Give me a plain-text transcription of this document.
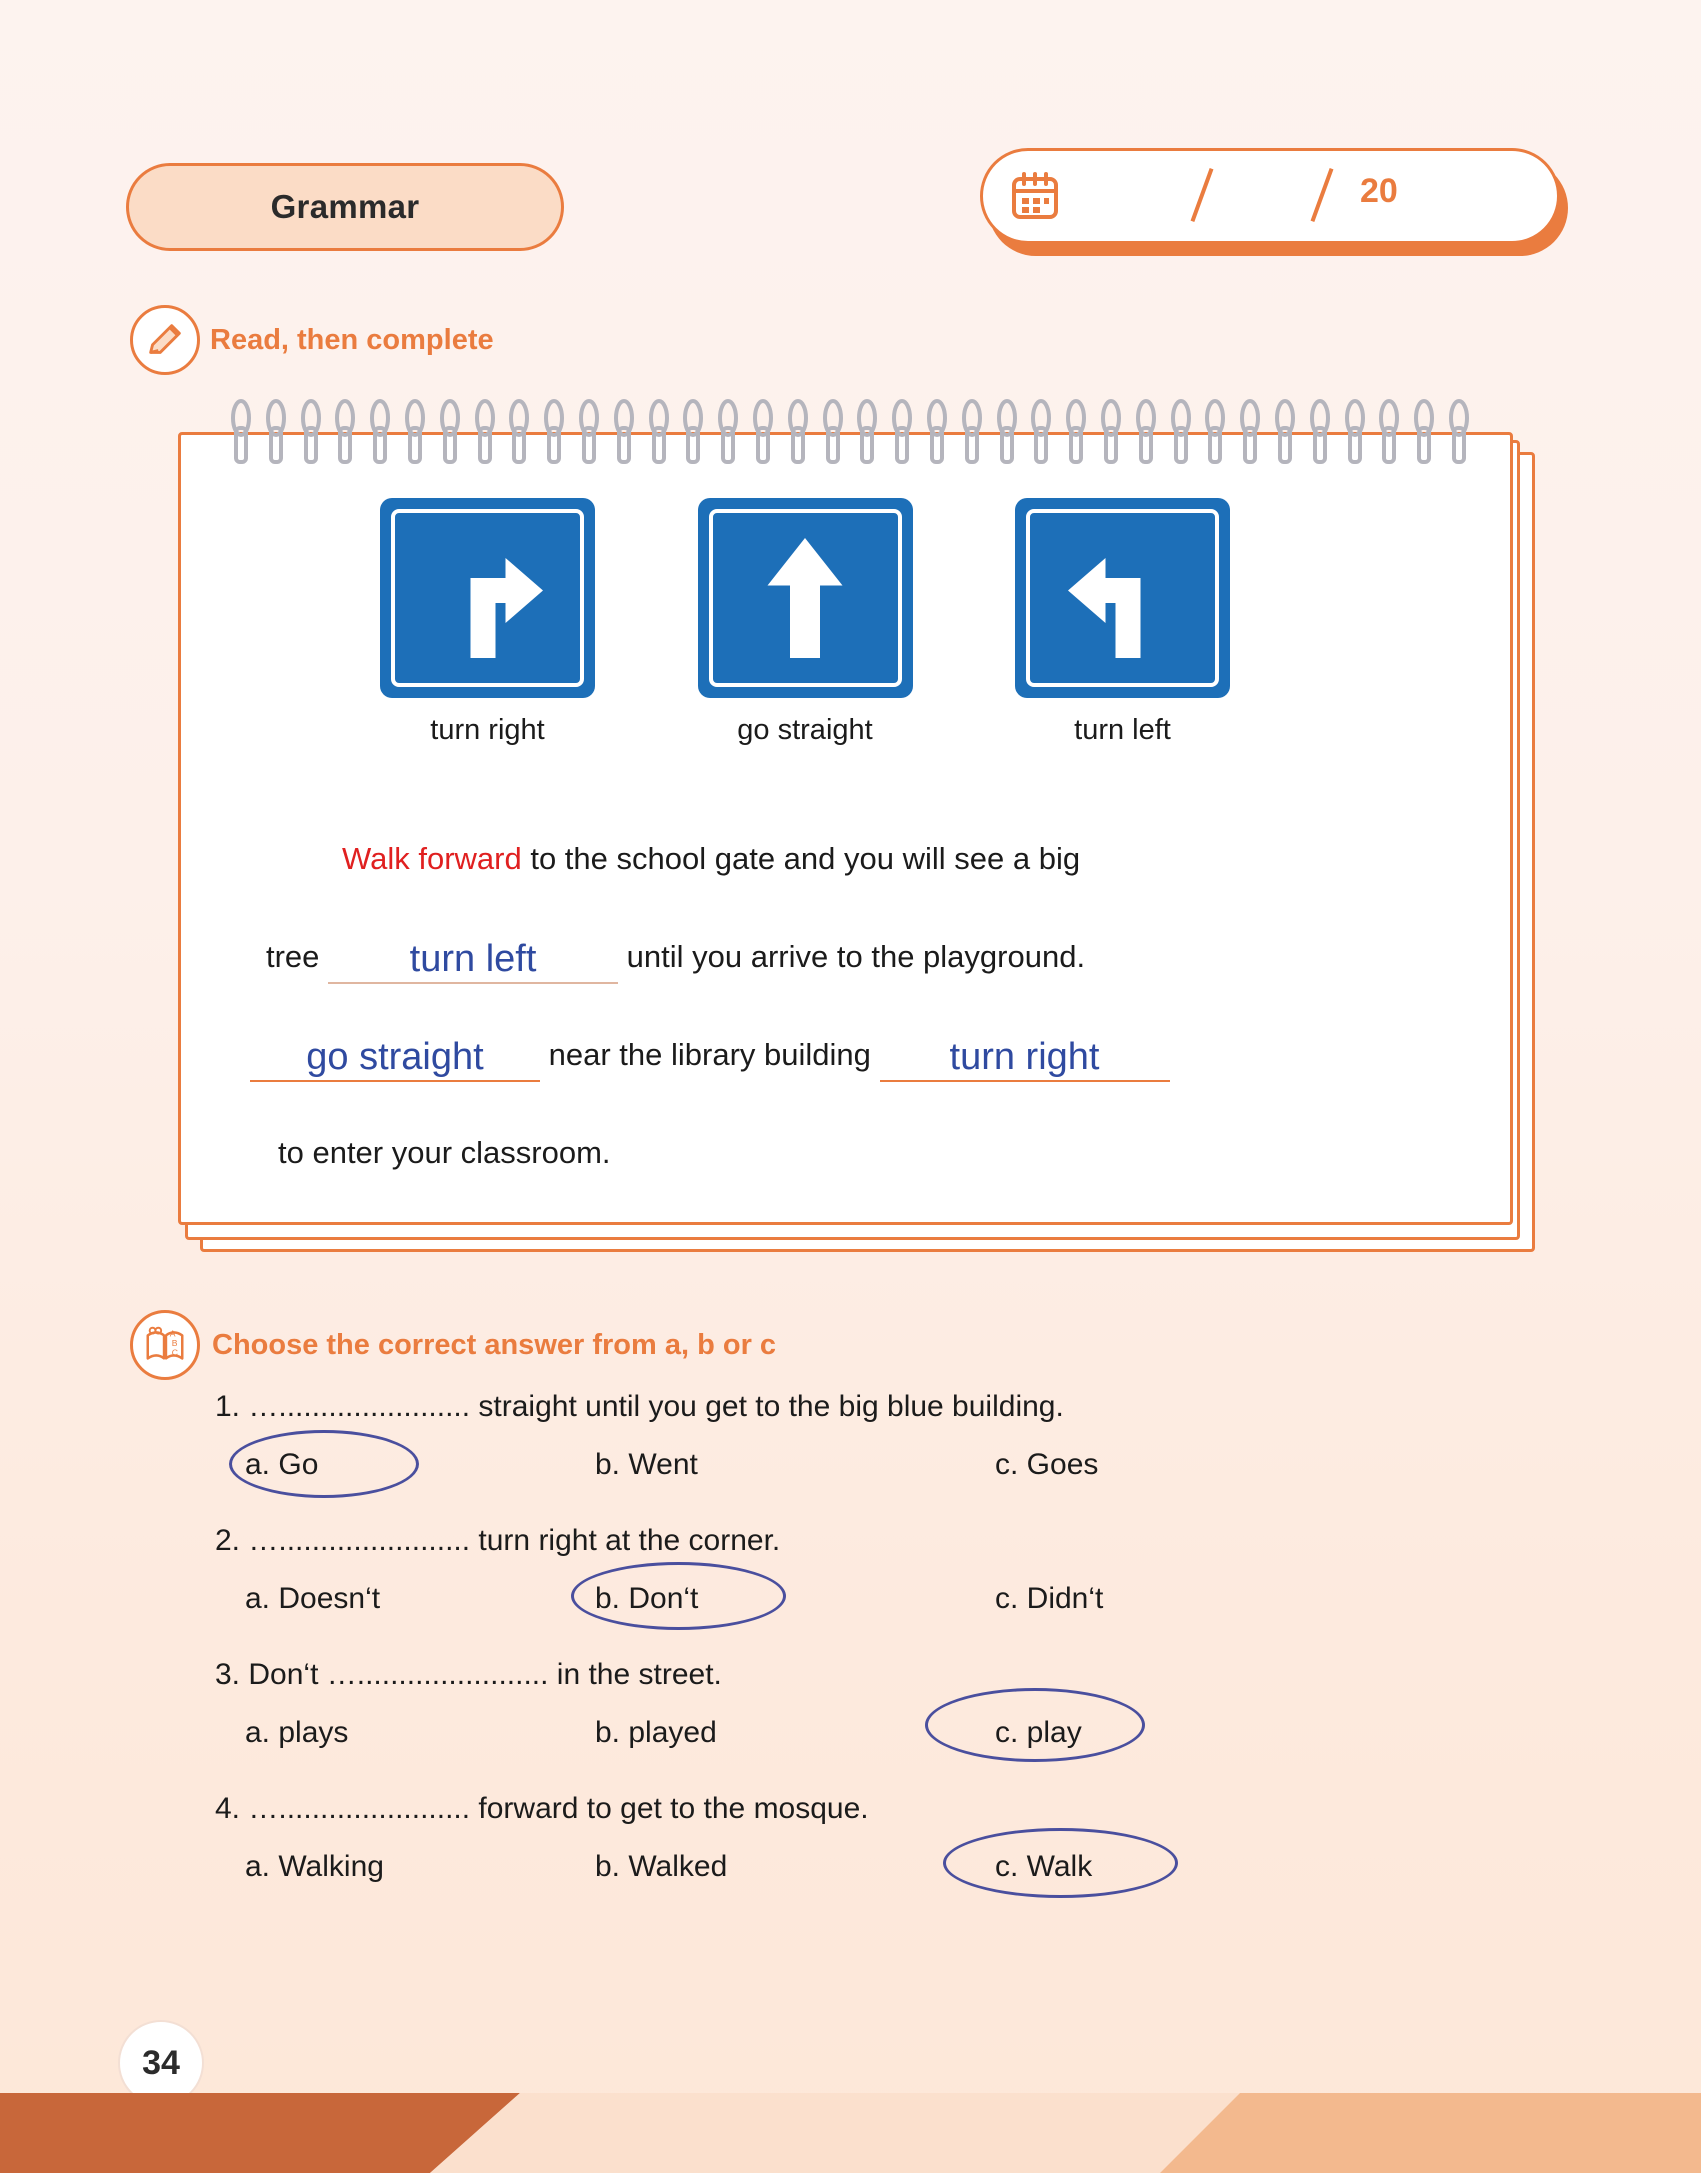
Grammar	20
Read, then complete
turn right	go straight	turn left
Walk forward to the school gate and you will see a big
tree turn left	until you arrive to the playground.
go straight near the library building turn right
to enter your classroom.
A
B
C Choose the correct answer from a, b or c
1. …....................... straight until you get to the big blue building.
a. Go	b. Went	c. Goes
2. …....................... turn right at the corner.
a. Doesn‘t	b. Don‘t	c. Didn‘t
3. Don‘t …....................... in the street.
a. plays	b. played	c. play
4. …....................... forward to get to the mosque.
a. Walking	b. Walked	c. Walk
34
